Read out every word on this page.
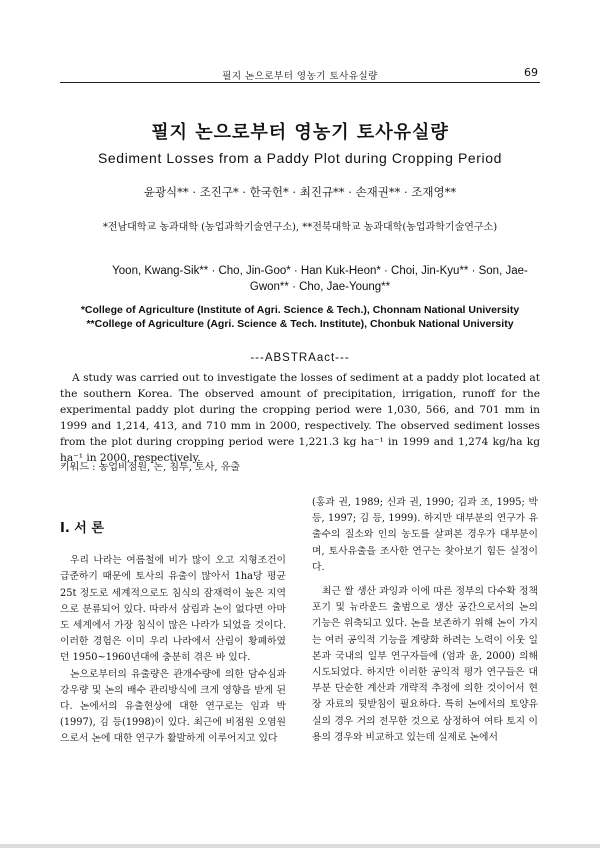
필지 논으로부터 영농기 토사유실량	69
필지 논으로부터 영농기 토사유실량
Sediment Losses from a Paddy Plot during Cropping Period
윤광식** · 조진구* · 한국헌* · 최진규** · 손재권** · 조재영**
*전남대학교 농과대학 (농업과학기술연구소), **전북대학교 농과대학(농업과학기술연구소)
Yoon, Kwang-Sik** · Cho, Jin-Goo* · Han Kuk-Heon* · Choi, Jin-Kyu** · Son, Jae-Gwon** · Cho, Jae-Young**
*College of Agriculture (Institute of Agri. Science & Tech.), Chonnam National University
**College of Agriculture (Agri. Science & Tech. Institute), Chonbuk National University
---ABSTRAact---
A study was carried out to investigate the losses of sediment at a paddy plot located at the southern Korea. The observed amount of precipitation, irrigation, runoff for the experimental paddy plot during the cropping period were 1,030, 566, and 701 mm in 1999 and 1,214, 413, and 710 mm in 2000, respectively. The observed sediment losses from the plot during cropping period were 1,221.3 kg ha⁻¹ in 1999 and 1,274 kg/ha kg ha⁻¹ in 2000, respectively.
키워드 : 농업비점원, 논, 침투, 토사, 유출
I. 서 론

우리 나라는 여름철에 비가 많이 오고 지형조건이 급준하기 때문에 토사의 유출이 많아서 1ha당 평균 25t 정도로 세계적으로도 침식의 잠재력이 높은 지역으로 분류되어 있다. 따라서 삼림과 논이 없다면 아마도 세계에서 가장 침식이 많은 나라가 되었을 것이다. 이러한 경험은 이미 우리 나라에서 산림이 황폐하였던 1950~1960년대에 충분히 겪은 바 있다.

논으로부터의 유출량은 관개수량에 의한 담수심과 강우량 및 논의 배수 관리방식에 크게 영향을 받게 된다. 논에서의 유출현상에 대한 연구로는 임과 박(1997), 김 등(1998)이 있다. 최근에 비점원 오염원으로서 논에 대한 연구가 활발하게 이루어지고 있다

(홍과 권, 1989; 신과 권, 1990; 김과 조, 1995; 박 등, 1997; 김 등, 1999). 하지만 대부분의 연구가 유출수의 질소와 인의 농도를 살펴본 경우가 대부분이며, 토사유출을 조사한 연구는 찾아보기 힘든 실정이다.

최근 쌀 생산 과잉과 이에 따른 정부의 다수확 정책 포기 및 뉴라운드 출범으로 생산 공간으로서의 논의 기능은 위축되고 있다. 논을 보존하기 위해 논이 가지는 여러 공익적 기능을 계량화 하려는 노력이 이웃 일본과 국내의 일부 연구자들에 (엄과 윤, 2000) 의해 시도되었다. 하지만 이러한 공익적 평가 연구들은 대부분 단순한 계산과 개략적 추정에 의한 것이어서 현장 자료의 뒷받침이 필요하다. 특히 논에서의 토양유실의 경우 거의 전무한 것으로 상정하여 여타 토지 이용의 경우와 비교하고 있는데 실제로 논에서
